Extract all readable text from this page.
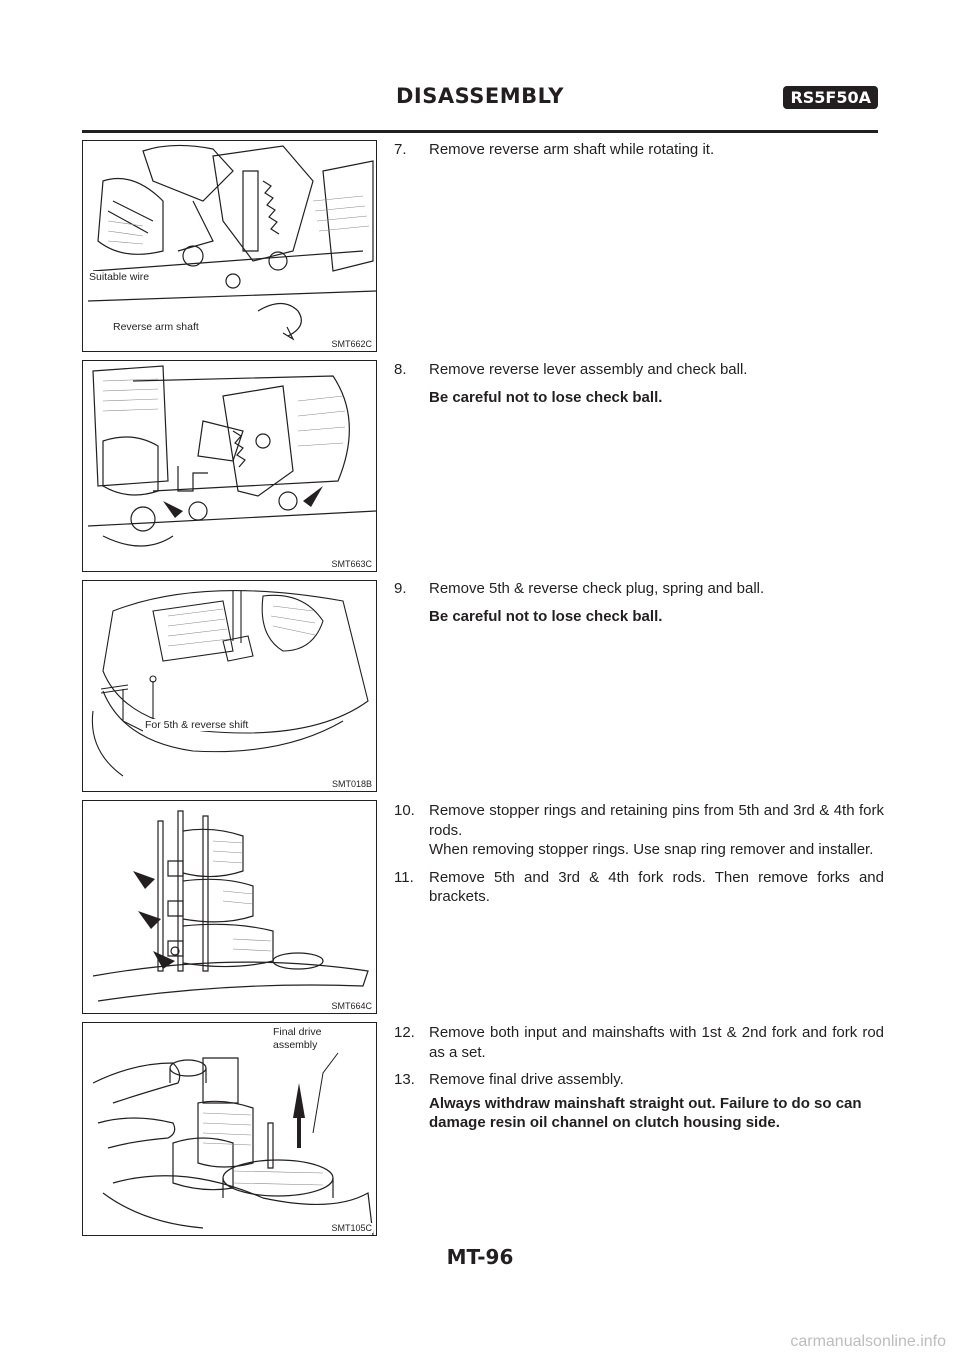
DISASSEMBLY	RS5F50A
Suitable wire
Reverse arm shaft
SMT662C
SMT663C
For 5th & reverse shift
SMT018B
SMT664C
Final drive assembly
SMT105C
7. Remove reverse arm shaft while rotating it.
8. Remove reverse lever assembly and check ball.
Be careful not to lose check ball.
9. Remove 5th & reverse check plug, spring and ball.
Be careful not to lose check ball.
10. Remove stopper rings and retaining pins from 5th and 3rd & 4th fork rods.
When removing stopper rings. Use snap ring remover and installer.
11. Remove 5th and 3rd & 4th fork rods. Then remove forks and brackets.
12. Remove both input and mainshafts with 1st & 2nd fork and fork rod as a set.
13. Remove final drive assembly.
Always withdraw mainshaft straight out. Failure to do so can damage resin oil channel on clutch housing side.
MT-96
carmanualsonline.info
